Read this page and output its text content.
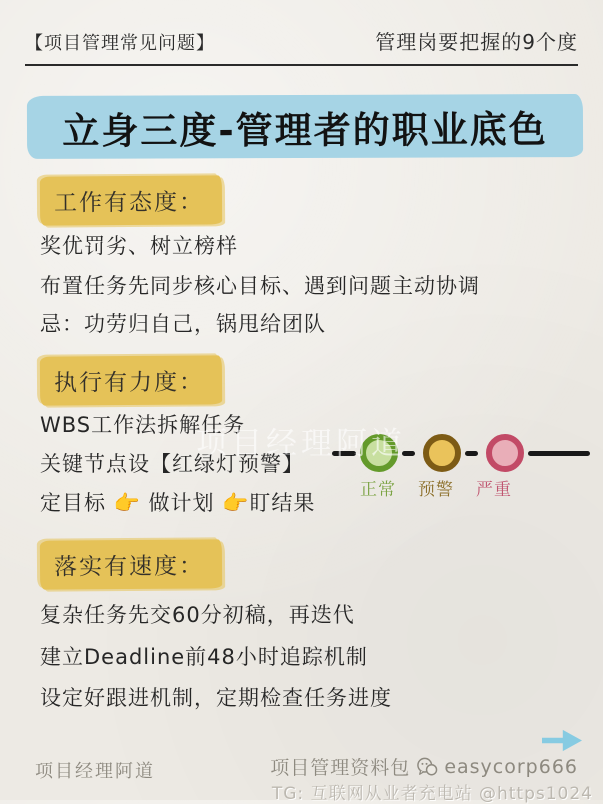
【项目管理常见问题】	管理岗要把握的9个度
立身三度-管理者的职业底色
工作有态度：
奖优罚劣、树立榜样
布置任务先同步核心目标、遇到问题主动协调
忌：功劳归自己，锅甩给团队
执行有力度：
WBS工作法拆解任务
关键节点设【红绿灯预警】
定目标 👉 做计划 👉盯结果
正常	预警	严重
项目经理阿道
落实有速度：
复杂任务先交60分初稿，再迭代
建立Deadline前48小时追踪机制
设定好跟进机制，定期检查任务进度
项目经理阿道	项目管理资料包 easycorp666
TG: 互联网从业者充电站 @https1024
